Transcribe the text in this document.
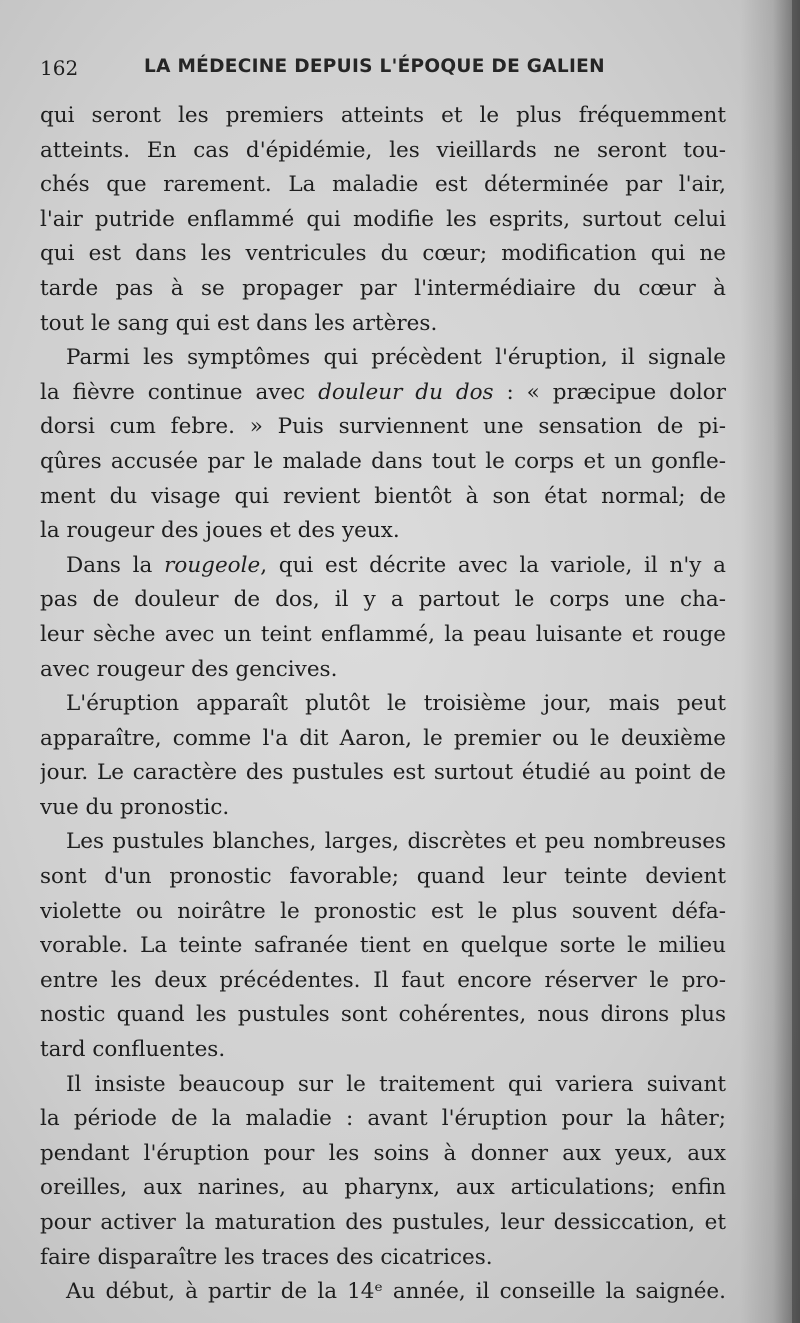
162	LA MÉDECINE DEPUIS L'ÉPOQUE DE GALIEN
qui seront les premiers atteints et le plus fréquemment
atteints. En cas d'épidémie, les vieillards ne seront tou-
chés que rarement. La maladie est déterminée par l'air,
l'air putride enflammé qui modifie les esprits, surtout celui
qui est dans les ventricules du cœur; modification qui ne
tarde pas à se propager par l'intermédiaire du cœur à
tout le sang qui est dans les artères.
Parmi les symptômes qui précèdent l'éruption, il signale
la fièvre continue avec douleur du dos : « præcipue dolor
dorsi cum febre. » Puis surviennent une sensation de pi-
qûres accusée par le malade dans tout le corps et un gonfle-
ment du visage qui revient bientôt à son état normal; de
la rougeur des joues et des yeux.
Dans la rougeole, qui est décrite avec la variole, il n'y a
pas de douleur de dos, il y a partout le corps une cha-
leur sèche avec un teint enflammé, la peau luisante et rouge
avec rougeur des gencives.
L'éruption apparaît plutôt le troisième jour, mais peut
apparaître, comme l'a dit Aaron, le premier ou le deuxième
jour. Le caractère des pustules est surtout étudié au point de
vue du pronostic.
Les pustules blanches, larges, discrètes et peu nombreuses
sont d'un pronostic favorable; quand leur teinte devient
violette ou noirâtre le pronostic est le plus souvent défa-
vorable. La teinte safranée tient en quelque sorte le milieu
entre les deux précédentes. Il faut encore réserver le pro-
nostic quand les pustules sont cohérentes, nous dirons plus
tard confluentes.
Il insiste beaucoup sur le traitement qui variera suivant
la période de la maladie : avant l'éruption pour la hâter;
pendant l'éruption pour les soins à donner aux yeux, aux
oreilles, aux narines, au pharynx, aux articulations; enfin
pour activer la maturation des pustules, leur dessiccation, et
faire disparaître les traces des cicatrices.
Au début, à partir de la 14ᵉ année, il conseille la saignée.
